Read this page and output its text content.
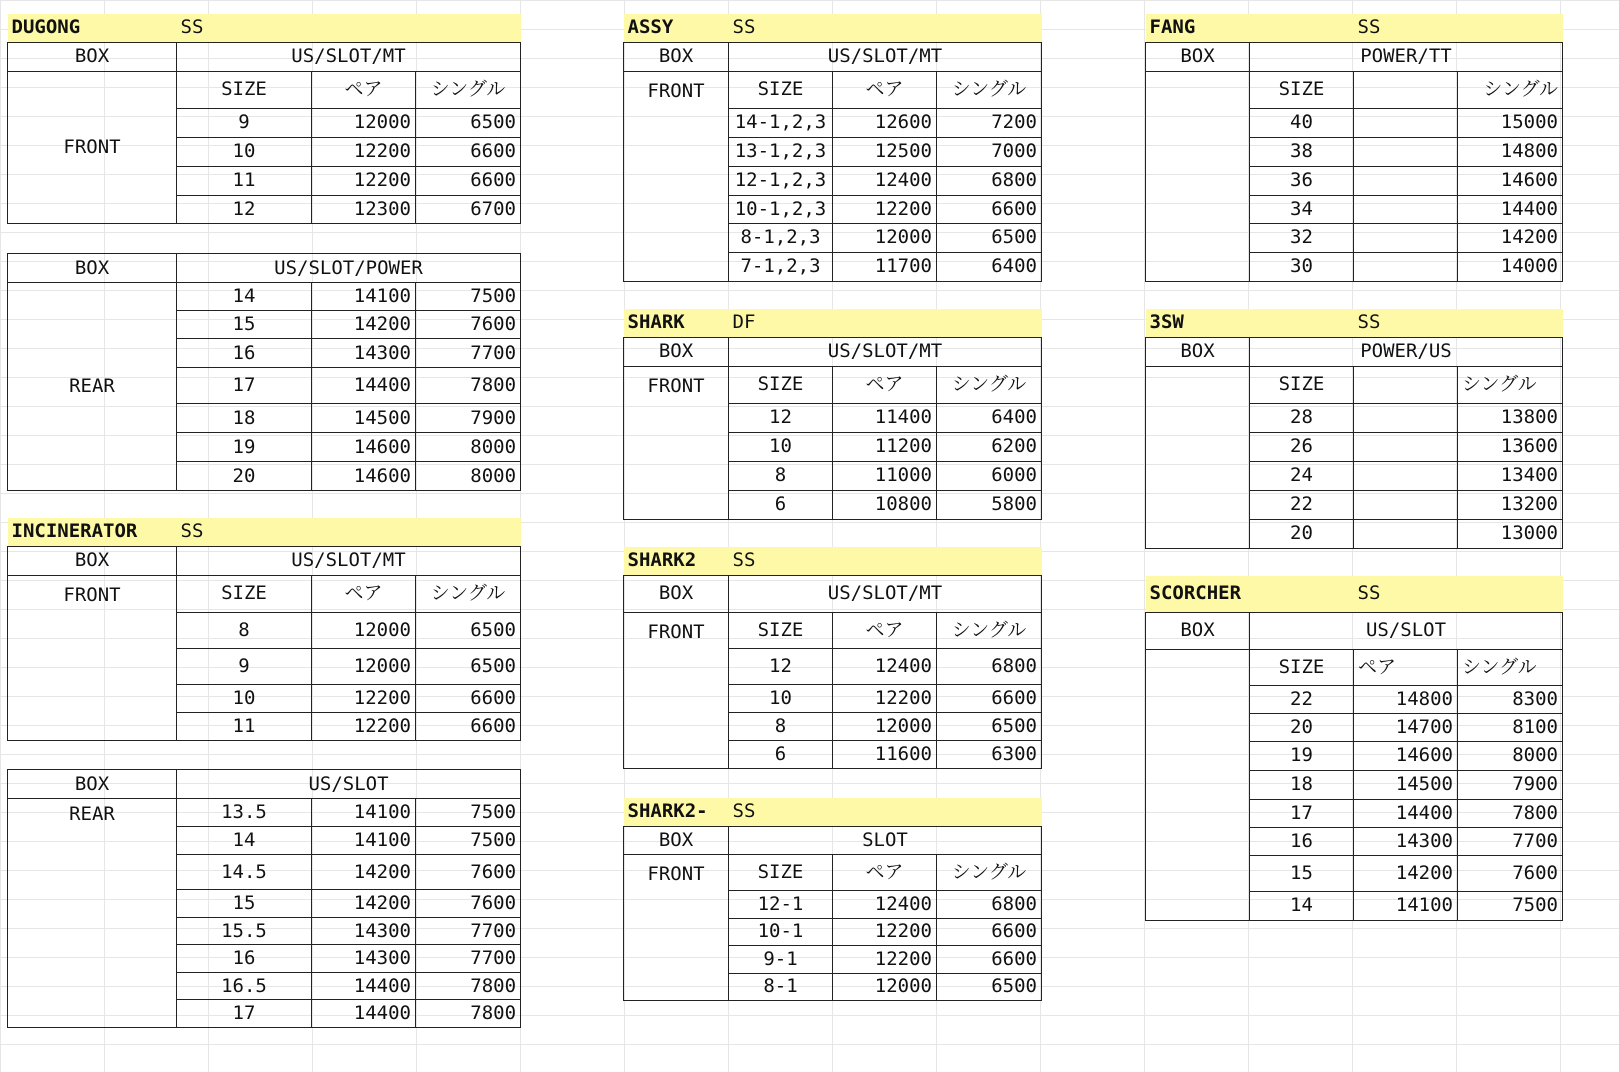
DUGONG	SS		
BOX	US/SLOT/MT		
FRONT	SIZE	ペア	シングル
	9	12000	6500
	10	12200	6600
	11	12200	6600
	12	12300	6700
BOX	US/SLOT/POWER		
REAR	14	14100	7500
	15	14200	7600
	16	14300	7700
	17	14400	7800
	18	14500	7900
	19	14600	8000
	20	14600	8000
INCINERATOR	SS		
BOX	US/SLOT/MT		
FRONT	SIZE	ペア	シングル
	8	12000	6500
	9	12000	6500
	10	12200	6600
	11	12200	6600
BOX	US/SLOT		
REAR	13.5	14100	7500
	14	14100	7500
	14.5	14200	7600
	15	14200	7600
	15.5	14300	7700
	16	14300	7700
	16.5	14400	7800
	17	14400	7800
ASSY	SS		
BOX	US/SLOT/MT		
FRONT	SIZE	ペア	シングル
	14-1,2,3	12600	7200
	13-1,2,3	12500	7000
	12-1,2,3	12400	6800
	10-1,2,3	12200	6600
	8-1,2,3	12000	6500
	7-1,2,3	11700	6400
SHARK	DF		
BOX	US/SLOT/MT		
FRONT	SIZE	ペア	シングル
	12	11400	6400
	10	11200	6200
	8	11000	6000
	6	10800	5800
SHARK2	SS		
BOX	US/SLOT/MT		
FRONT	SIZE	ペア	シングル
	12	12400	6800
	10	12200	6600
	8	12000	6500
	6	11600	6300
SHARK2-	SS		
BOX	SLOT		
FRONT	SIZE	ペア	シングル
	12-1	12400	6800
	10-1	12200	6600
	9-1	12200	6600
	8-1	12000	6500
FANG		SS	
BOX	POWER/TT		
	SIZE		シングル
	40		15000
	38		14800
	36		14600
	34		14400
	32		14200
	30		14000
3SW		SS	
BOX	POWER/US		
	SIZE		シングル
	28		13800
	26		13600
	24		13400
	22		13200
	20		13000
SCORCHER		SS	
BOX	US/SLOT		
	SIZE	ペア	シングル
	22	14800	8300
	20	14700	8100
	19	14600	8000
	18	14500	7900
	17	14400	7800
	16	14300	7700
	15	14200	7600
	14	14100	7500
